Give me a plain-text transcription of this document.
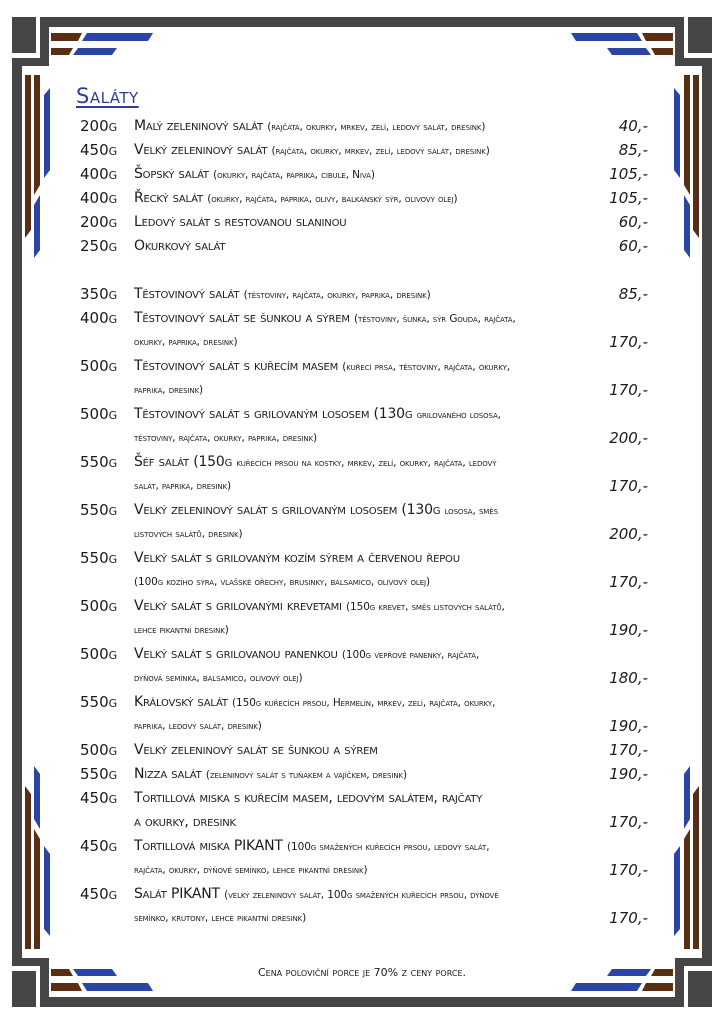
Saláty
200g	Malý zeleninový salát (rajčata, okurky, mrkev, zelí, ledový salát, dresink)	40,-
450g	Velký zeleninový salát (rajčata, okurky, mrkev, zelí, ledový salát, dresink)	85,-
400g	Šopský salát (okurky, rajčata, paprika, cibule, Niva)	105,-
400g	Řecký salát (okurky, rajčata, paprika, olivy, balkánský sýr, olivový olej)	105,-
200g	Ledový salát s restovanou slaninou	60,-
250g	Okurkový salát	60,-
350g	Těstovinový salát (těstoviny, rajčata, okurky, paprika, dresink)	85,-
400g	Těstovinový salát se šunkou a sýrem (těstoviny, šunka, sýr Gouda, rajčata,
okurky, paprika, dresink)	170,-
500g	Těstovinový salát s kuřecím masem (kuřecí prsa, těstoviny, rajčata, okurky,
paprika, dresink)	170,-
500g	Těstovinový salát s grilovaným lososem (130g grilovaného lososa,
těstoviny, rajčata, okurky, paprika, dresink)	200,-
550g	Šéf salát (150g kuřecích prsou na kostky, mrkev, zelí, okurky, rajčata, ledový
salát, paprika, dresink)	170,-
550g	Velký zeleninový salát s grilovaným lososem (130g lososa, směs
listových salátů, dresink)	200,-
550g	Velký salát s grilovaným kozím sýrem a červenou řepou
(100g kozího sýra, vlašské ořechy, brusinky, balsamico, olivový olej)	170,-
500g	Velký salát s grilovanými krevetami (150g krevet, směs listových salátů,
lehce pikantní dresink)	190,-
500g	Velký salát s grilovanou panenkou (100g vepřové panenky, rajčata,
dýňová semínka, balsamico, olivový olej)	180,-
550g	Královský salát (150g kuřecích prsou, Hermelín, mrkev, zelí, rajčata, okurky,
paprika, ledový salát, dresink)	190,-
500g	Velký zeleninový salát se šunkou a sýrem	170,-
550g	Nizza salát (zeleninový salát s tuňákem a vajíčkem, dresink)	190,-
450g	Tortillová miska s kuřecím masem, ledovým salátem, rajčaty
a okurky, dresink	170,-
450g	Tortillová miska PIKANT (100g smažených kuřecích prsou, ledový salát,
rajčata, okurky, dýňové semínko, lehce pikantní dresink)	170,-
450g	Salát PIKANT (velký zeleninový salát, 100g smažených kuřecích prsou, dýňové
semínko, krutony, lehce pikantní dresink)	170,-
Cena poloviční porce je 70% z ceny porce.
